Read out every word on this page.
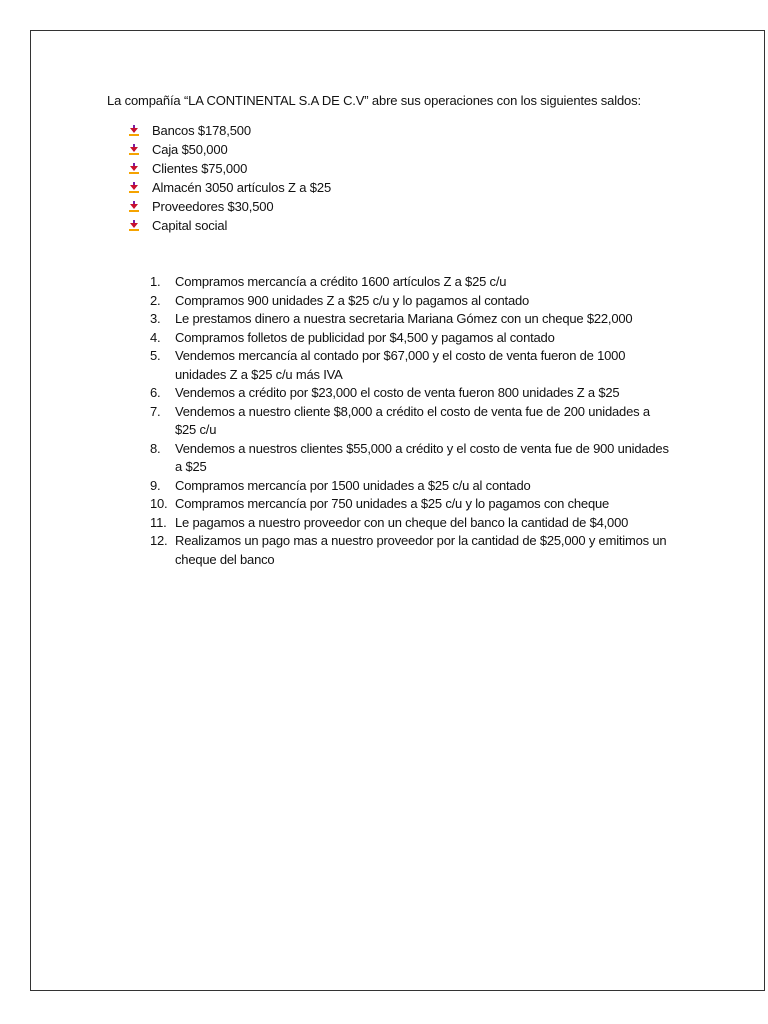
La compañía “LA CONTINENTAL S.A DE C.V” abre sus operaciones con los siguientes saldos:
Bancos $178,500
Caja $50,000
Clientes $75,000
Almacén 3050 artículos Z a $25
Proveedores $30,500
Capital social
1.	Compramos mercancía a crédito 1600 artículos Z a $25 c/u
2.	Compramos 900 unidades Z a $25 c/u y lo pagamos al contado
3.	Le prestamos dinero a nuestra secretaria Mariana Gómez con un cheque $22,000
4.	Compramos folletos de publicidad por $4,500 y pagamos al contado
5.	Vendemos mercancía al contado por $67,000 y el costo de venta fueron de 1000 unidades Z a $25 c/u más IVA
6.	Vendemos a crédito por $23,000 el costo de venta fueron 800 unidades Z a $25
7.	Vendemos a nuestro cliente $8,000 a crédito el costo de venta fue de 200 unidades a $25 c/u
8.	Vendemos a nuestros clientes $55,000 a crédito y el costo de venta fue de 900 unidades a $25
9.	Compramos mercancía por 1500 unidades a $25 c/u al contado
10. Compramos mercancía por 750 unidades a $25 c/u y lo pagamos con cheque
11. Le pagamos a nuestro proveedor con un cheque del banco la cantidad de $4,000
12. Realizamos un pago mas a nuestro proveedor por la cantidad de $25,000 y emitimos un cheque del banco
